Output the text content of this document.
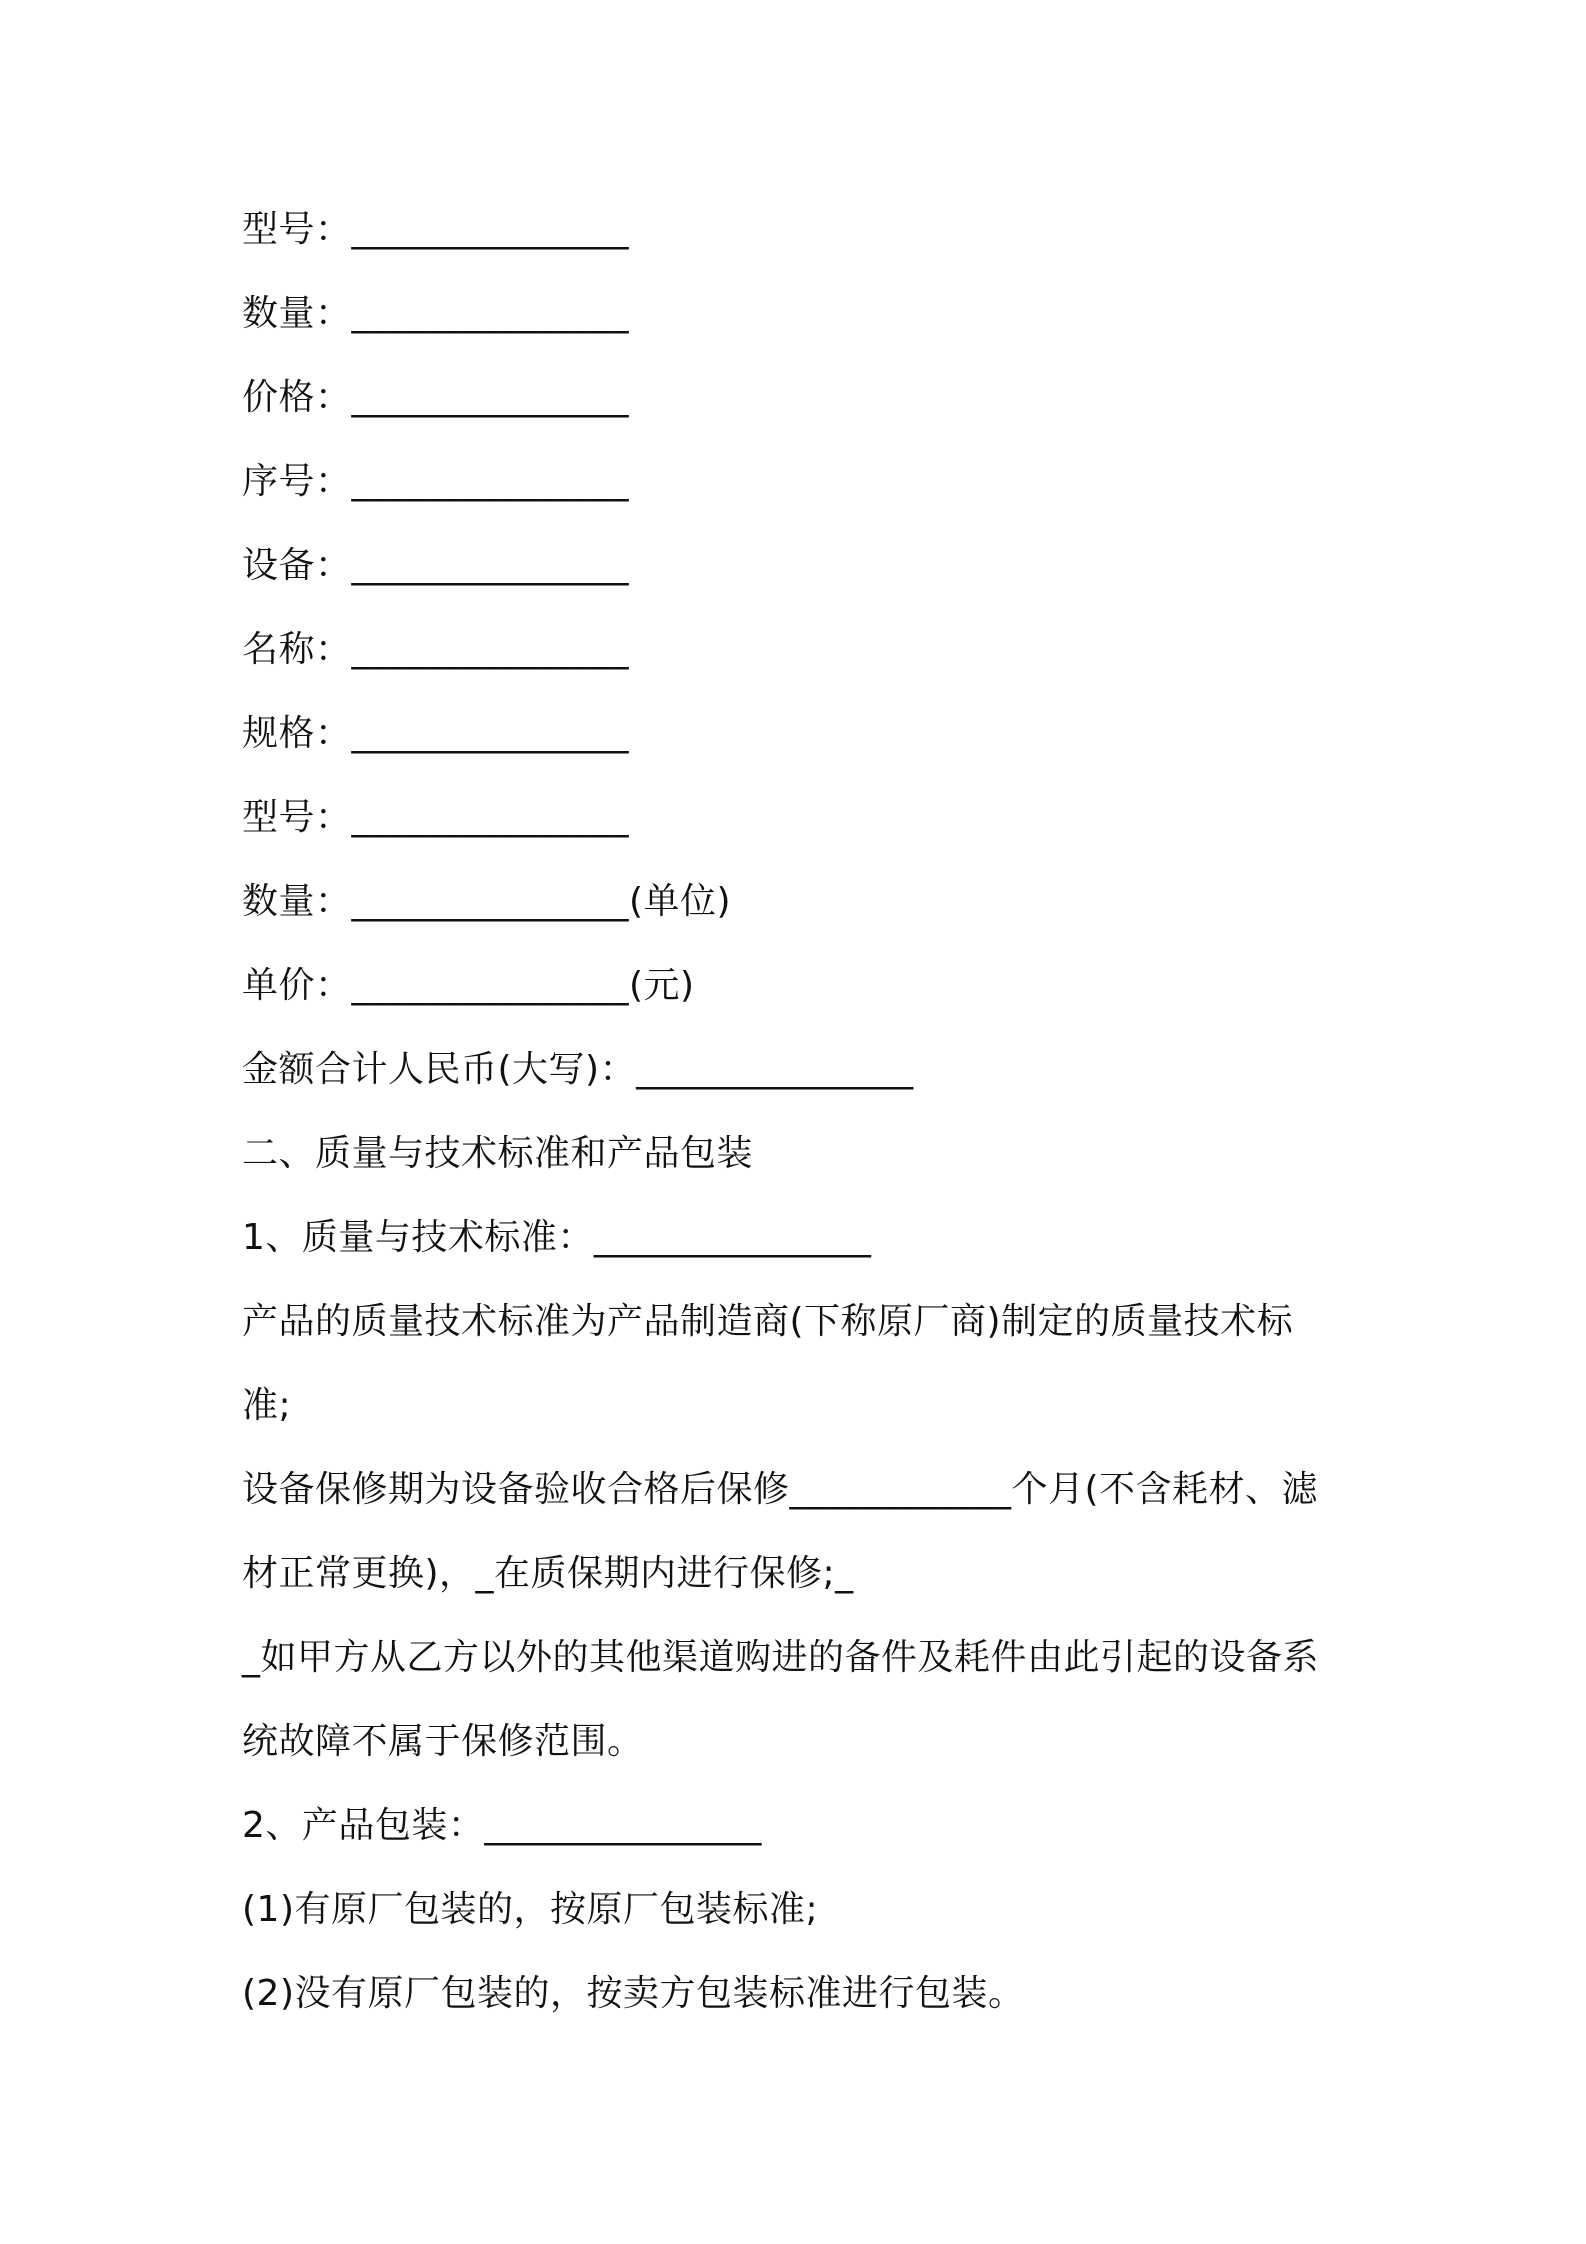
型号：_______________
数量：_______________
价格：_______________
序号：_______________
设备：_______________
名称：_______________
规格：_______________
型号：_______________
数量：_______________(单位)
单价：_______________(元)
金额合计人民币(大写)：_______________
二、质量与技术标准和产品包装
1、质量与技术标准：_______________
产品的质量技术标准为产品制造商(下称原厂商)制定的质量技术标
准;
设备保修期为设备验收合格后保修____________个月(不含耗材、滤
材正常更换)，_在质保期内进行保修;_
_如甲方从乙方以外的其他渠道购进的备件及耗件由此引起的设备系
统故障不属于保修范围。
2、产品包装：_______________
(1)有原厂包装的，按原厂包装标准;
(2)没有原厂包装的，按卖方包装标准进行包装。
